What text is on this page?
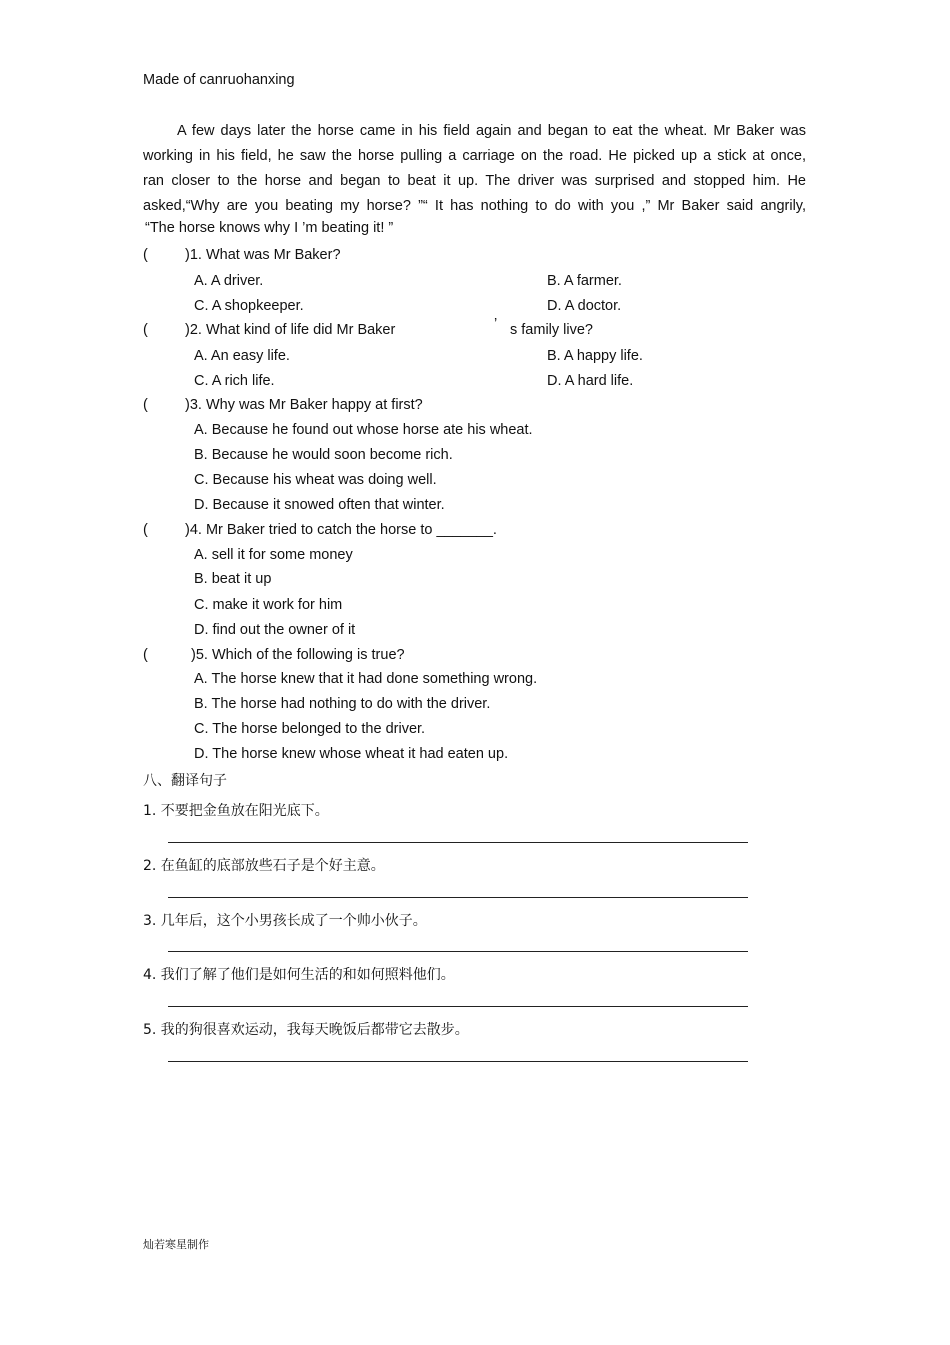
Made of canruohanxing
A few days later the horse came in his field again and began to eat the wheat. Mr Baker was
working in his field, he saw the horse pulling a carriage on the road. He picked up a stick at once,
ran closer to the horse and began to beat it up. The driver was surprised and stopped him. He
asked,“Why are you beating my horse? ”“ It has nothing to do with you ,” Mr Baker said angrily,
“The horse knows why I ’m beating it! ”
(	)1. What was Mr Baker?
A. A driver.	B. A farmer.
C. A shopkeeper.	D. A doctor.
(	)2. What kind of life did Mr Baker	’ s family live?
A. An easy life.	B. A happy life.
C. A rich life.	D. A hard life.
(	)3. Why was Mr Baker happy at first?
A. Because he found out whose horse ate his wheat.
B. Because he would soon become rich.
C. Because his wheat was doing well.
D. Because it snowed often that winter.
(	)4. Mr Baker tried to catch the horse to _______.
A. sell it for some money
B. beat it up
C. make it work for him
D. find out the owner of it
(	)5. Which of the following is true?
A. The horse knew that it had done something wrong.
B. The horse had nothing to do with the driver.
C. The horse belonged to the driver.
D. The horse knew whose wheat it had eaten up.
八、翻译句子
1. 不要把金鱼放在阳光底下。
2. 在鱼缸的底部放些石子是个好主意。
3. 几年后，这个小男孩长成了一个帅小伙子。
4. 我们了解了他们是如何生活的和如何照料他们。
5. 我的狗很喜欢运动，我每天晚饭后都带它去散步。
灿若寒星制作
